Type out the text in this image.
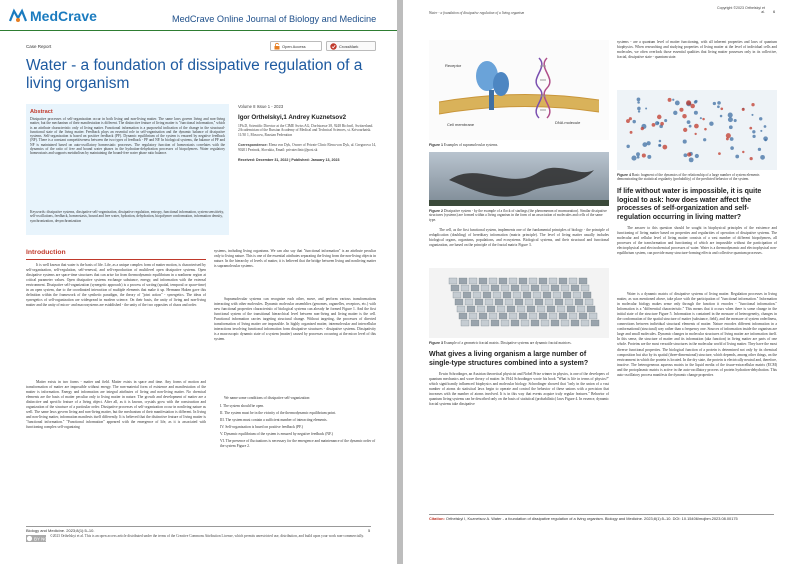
MedCrave	MedCrave Online Journal of Biology and Medicine
Case Report	Open Access	CrossMark
Water - a foundation of dissipative regulation of a living organism
Abstract
Dissipative processes of self-organisation occur in both living and non-living matter. The same laws govern living and non-living matter, but the mechanism of their manifestation is different. The distinctive feature of living matter is "functional information," which is an attribute characteristic only of living matter. Functional information is a purposeful indication of the change in the structural-functional state of the living matter. Feedback plays an essential role in self-organisation and the dynamic balance of dissipative systems. Self-organisation is based on positive feedback (PF). Dynamic equilibrium of the system is ensured by negative feedback (NF). There is a constant competitiveness between the two types of feedback - PF and NF. In biological systems, the balance of PF and NF is maintained based on auto-oscillatory homeostatic processes. The regulatory function of homeostasis correlates with the dynamics of the ratio of free and bound water phases in the hydration-dehydration processes of biopolymers. Water regulatory homeostasis and supports metabolism by maintaining the bound-free water phase ratio balance.
Keywords: dissipative systems, dissipative self-organisation, dissipative regulation, entropy, functional information, system sensitivity, self-oscillations, feedback, homeostasis, bound and free water, hydration, dehydration, biopolymer conformation, information density, synchronization, desynchronization
Volume 8 Issue 1 - 2023
Igor Orthelskyi,1 Andrey Kuznetsov2

1Ph.D, Scientific Director at the CIME Swiss AG, Dorfstrasse 38, 9248 Bichwil, Switzerland. 2Academician of the Russian Academy of Medical and Technical Sciences, st. Krivoarbatsk. 11/30 1, Moscow, Russian Federation

Correspondence: Elena von Dyk, Owner of Private Clinic Elena von Dyk, ul. Gregorova 14, 90201 Pezinok, Slovakia, Email: privateclinic@post.sk

Received: December 31, 2022 | Published: January 13, 2023

Introduction
It is well known that water is the basis of life. Life, as a unique complex form of matter motion, is characterised by self-organization, self-regulation, self-renewal, and self-reproduction of multilevel open dissipative systems. Open dissipative systems are space-time structures that can arise far from thermodynamic equilibrium in a nonlinear region at critical parameter values. Open dissipative systems exchange substance, energy, and information with the external environment. Dissipative self-organization (synergetic approach) is a process of sorting (spatial, temporal or space-time) in an open system, due to the coordinated interaction of multiple elements that make it up. Hermann Haken gave this definition within the framework of the synthetic paradigm, the theory of "joint action" - synergetics. The ideas of synergetics of self-organization are widespread in modern science. On their basis, the unity of living and non-living matter and the unity of micro- and macrosystems are established - the unity of the two opposites of chaos and order.
Matter exists in two forms - matter and field. Matter exists in space and time. Any forms of motion and transformation of matter are impossible without energy. The non-material form of existence and manifestation of the matter is information. Energy and information are integral attributes of living and non-living matter. No chemical elements are the basis of matter peculiar only to living matter in nature. The growth and development of matter are a distinctive and specific feature of a living object. After all, as it is known, crystals grow with the construction and organization of the structure of a particular order. Dissipative processes of self-organization occur in nonliving nature as well. The same laws govern living and non-living matter, but the mechanism of their manifestation is different. In living and non-living matter, information manifests itself differently. It is believed that the distinctive feature of living matter is "functional information." "Functional information" appeared with the emergence of life, as it is associated with functioning complex self-organizing
systems, including living organisms. We can also say that "functional information" is an attribute peculiar only to living nature. This is one of the essential attributes separating the living from the non-living objects in nature. In the hierarchy of levels of matter, it is believed that the bridge between living and nonliving matter is supramolecular systems.
Supramolecular systems can recognize each other, move, and perform various transformations interacting with other molecules. Dynamic molecular assemblies (genomes, organelles, receptors, etc.) with new functional properties characteristic of biological systems can already be formed Figure 1. And the first functional system of the transitional hierarchical level between non-living and living matter is the cell. Functional information carries targeting structural change. Without targeting, the processes of directed transformation of living matter are impossible. In highly organized matter, intermolecular and intercellular interactions involving functional information form dissipative structures - dissipative systems. Dissipativity is a macroscopic dynamic state of a system (matter) caused by processes occurring at the micro level of this system.
We name some conditions of dissipative self-organization:
I. The system should be open.
II. The system must be in the vicinity of the thermodynamic equilibrium point.
III. The system must contain a sufficient number of interacting elements.
IV. Self-organization is based on positive feedback (PF.)
V. Dynamic equilibrium of the system is ensured by negative feedback (NF.)
VI. The presence of fluctuations is necessary for the emergence and maintenance of the dynamic order of the system Figure 2.
Biology and Medicine. 2023;8(1):5–10.	5
BY NC
©2023 Orthelskyi et al. This is an open access article distributed under the terms of the Creative Commons Attribution License, which permits unrestricted use, distribution, and build upon your work non-commercially.
Water - a foundation of dissipative regulation of a living organism
Copyright ©2023 Orthelskyi et al. 6
Receptor
Cell membrane	DNA molecule
Figure 1 Examples of supramolecular systems.
Figure 2 Dissipative system - by the example of a flock of starlings (the phenomenon of murmuration). Similar dissipative structures (systems) are formed within a living organism in the form of an association of molecules and cells of the same type.
The cell, as the first functional system, implements one of the fundamental principles of biology - the principle of reduplication (doubling) of hereditary information (matrix principle). The level of living matter usually includes biological organs, organisms, populations, and ecosystems. Biological systems, and their structural and functional organization, are based on the principle of the fractal matrix Figure 3.
Figure 3 Example of a geometric fractal matrix. Dissipative systems are dynamic fractal matrices.
What gives a living organism a large number of single-type structures combined into a system?
Erwin Schrodinger, an Austrian theoretical physicist and Nobel Prize winner in physics, is one of the developers of quantum mechanics and wave theory of matter. In 1944 Schrodinger wrote his book "What is life in terms of physics?" which significantly influenced biophysics and molecular biology. Schrodinger showed that "only in the union of a vast number of atoms do statistical laws begin to operate and control the behavior of these unions with a precision that increases with the number of atoms involved. It is in this way that events acquire truly regular features." Behavior of quantum living systems can be described only on the basis of statistical (probabilistic) laws Figure 4. In essence, dynamic fractal systems take dissipative
systems - are a quantum level of matter functioning, with all inherent properties and laws of quantum biophysics. When researching and studying properties of living matter at the level of individual cells and molecules, we often overlook those essential qualities that living matter possesses only in its collective, fractal, dissipative state - quantum state.
Figure 4 Basic fragment of the dynamics of the relationship of a large number of system elements demonstrating the statistical regularity (probability) of the predicted behavior of the system.
If life without water is impossible, it is quite logical to ask: how does water affect the processes of self-organization and self-regulation occurring in living matter?
The answer to this question should be sought in biophysical principles of the existence and functioning of living matter based on properties and regularities of operation of dissipative systems. The molecular and cellular level of living matter consists of a vast number of different biopolymers, all processes of the transformation and functioning of which are impossible without the participation of electrophysical and electrochemical processes of water. Water is a thermodynamic and electrophysical non-equilibrium system, can provide many structure-forming effects and collective quantum processes.
Water is a dynamic matrix of dissipative systems of living matter. Regulation processes in living matter, as was mentioned above, take place with the participation of "functional information." Information in molecular biology makes sense only through the function it encodes - "functional information." Information is a "differential characteristic." This means that it occurs when there is some change in the initial state of the structure Figure 5. Information is contained in the measure of heterogeneity, changes in the conformation of the spatial structure of matter (substance, field), and the measure of system orderliness, connections between individual structural elements of matter. Nature encodes different information in a conformational (structural) way rather than a frequency one. Sources of information inside the organism are large and small molecules. Dynamic changes in molecular structures of living matter are information itself. In this sense, the structure of matter and its information (aka function) in living matter are parts of one whole. Proteins are the most versatile structures in the molecular world of living matter. They have the most diverse functional properties. The biological function of a protein is determined not only by its chemical composition but also by its spatial (three-dimensional) structure, which depends, among other things, on the environment in which the protein is located. In the dry state, the protein is electrically neutral and, therefore, inactive. The heterogeneous aqueous matrix in the liquid media of the tissue-extracellular matrix (ECM) and the protoplasmic matrix is active in the auto-oscillatory process of protein hydration-dehydration. This auto-oscillatory process manifests the dynamic change properties
Citation: Orthelskyi I, Kuznetsov A. Water - a foundation of dissipative regulation of a living organism. Biology and Medicine. 2023;8(1):5–10. DOI: 10.15406/mojbm.2023.08.00175
